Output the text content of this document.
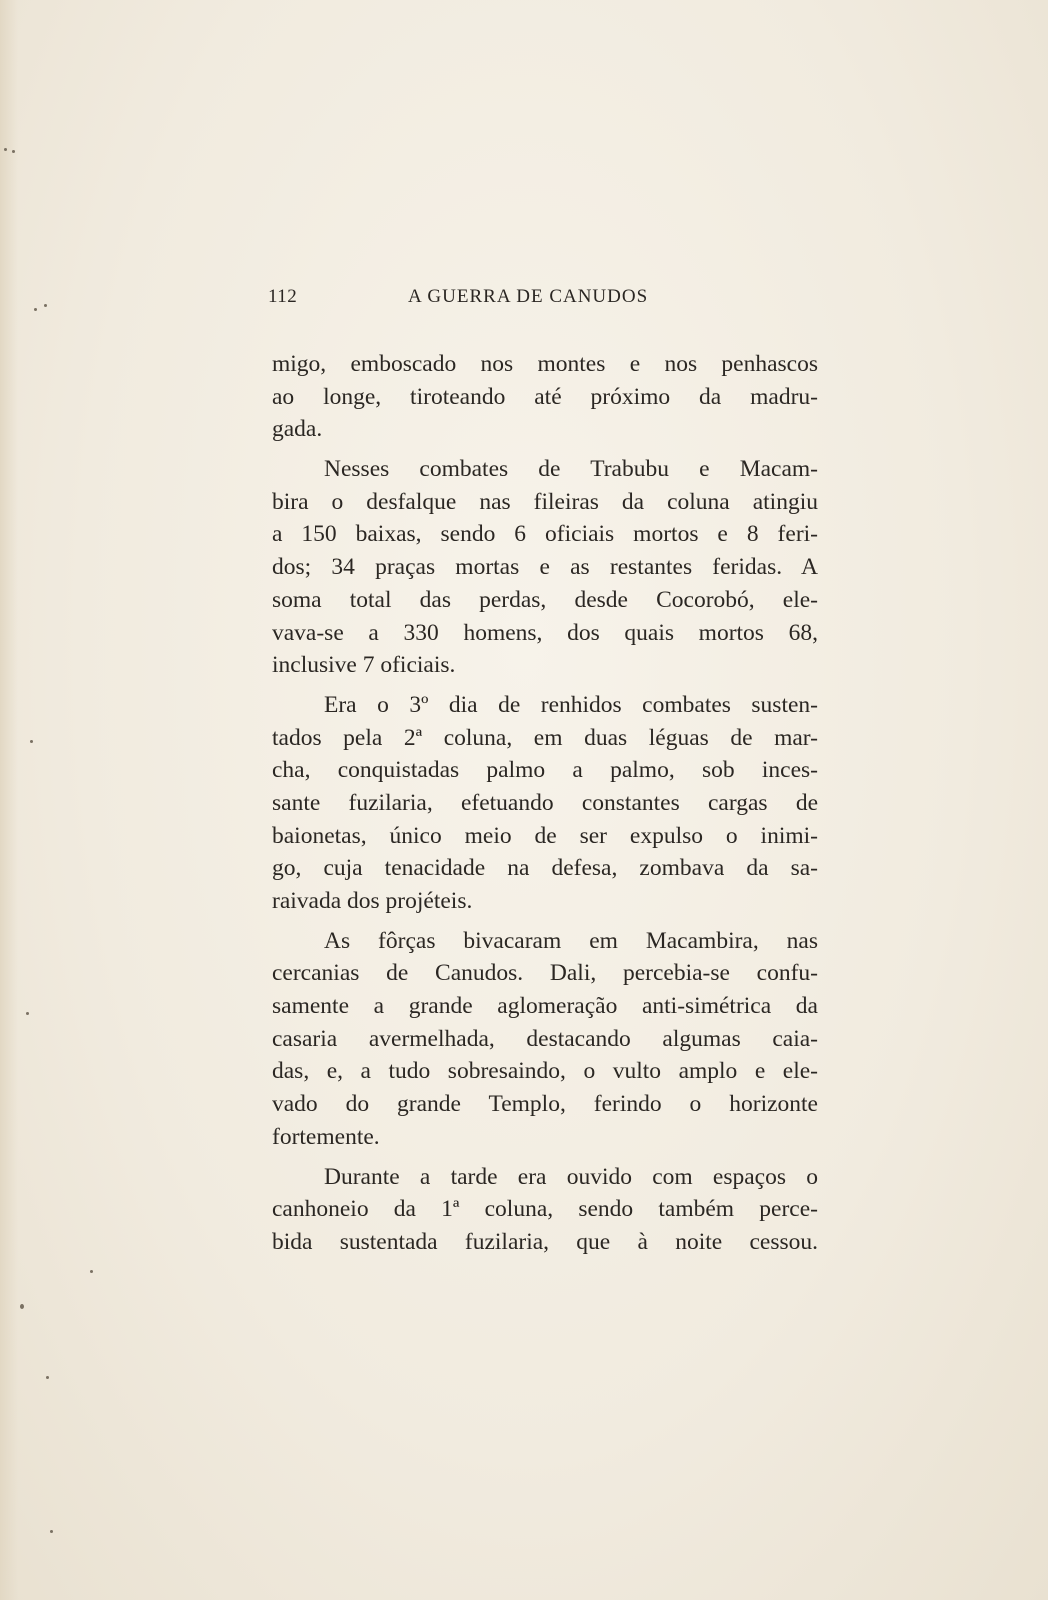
112	A GUERRA DE CANUDOS
migo, emboscado nos montes e nos penhascos
ao longe, tiroteando até próximo da madru-
gada.
Nesses combates de Trabubu e Macam-
bira o desfalque nas fileiras da coluna atingiu
a 150 baixas, sendo 6 oficiais mortos e 8 feri-
dos; 34 praças mortas e as restantes feridas. A
soma total das perdas, desde Cocorobó, ele-
vava-se a 330 homens, dos quais mortos 68,
inclusive 7 oficiais.
Era o 3º dia de renhidos combates susten-
tados pela 2ª coluna, em duas léguas de mar-
cha, conquistadas palmo a palmo, sob inces-
sante fuzilaria, efetuando constantes cargas de
baionetas, único meio de ser expulso o inimi-
go, cuja tenacidade na defesa, zombava da sa-
raivada dos projéteis.
As fôrças bivacaram em Macambira, nas
cercanias de Canudos. Dali, percebia-se confu-
samente a grande aglomeração anti-simétrica da
casaria avermelhada, destacando algumas caia-
das, e, a tudo sobresaindo, o vulto amplo e ele-
vado do grande Templo, ferindo o horizonte
fortemente.
Durante a tarde era ouvido com espaços o
canhoneio da 1ª coluna, sendo também perce-
bida sustentada fuzilaria, que à noite cessou.
